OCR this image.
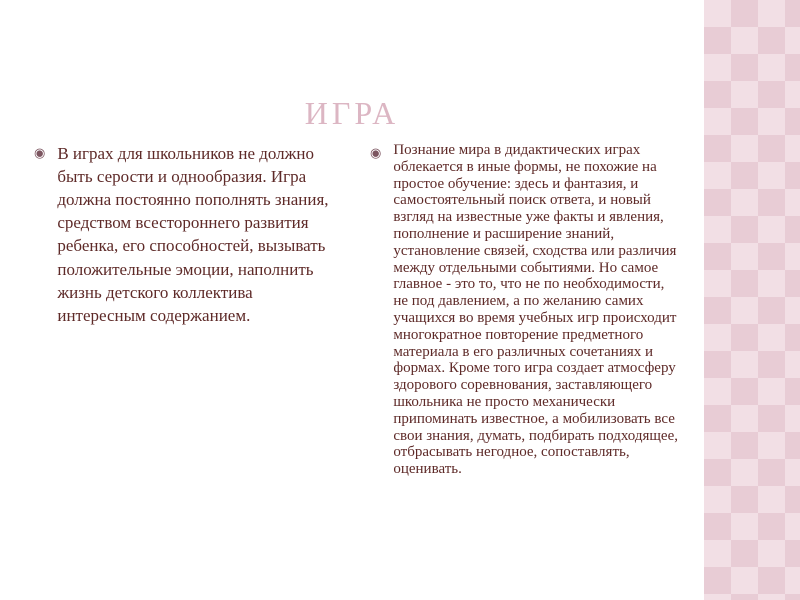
ИГРА
◉ В играх для школьников не должно быть серости и однообразия. Игра должна постоянно пополнять знания, средством всестороннего развития ребенка, его способностей, вызывать положительные эмоции, наполнить жизнь детского коллектива интересным содержанием.
◉ Познание мира в дидактических играх облекается в иные формы, не похожие на простое обучение: здесь и фантазия, и самостоятельный поиск ответа, и новый взгляд на известные уже факты и явления, пополнение и расширение знаний, установление связей, сходства или различия между отдельными событиями. Но самое главное - это то, что не по необходимости, не под давлением, а по желанию самих учащихся во время учебных игр происходит многократное повторение предметного материала в его различных сочетаниях и формах. Кроме того игра создает атмосферу здорового соревнования, заставляющего школьника не просто механически припоминать известное, а мобилизовать все свои знания, думать, подбирать подходящее, отбрасывать негодное, сопоставлять, оценивать.
